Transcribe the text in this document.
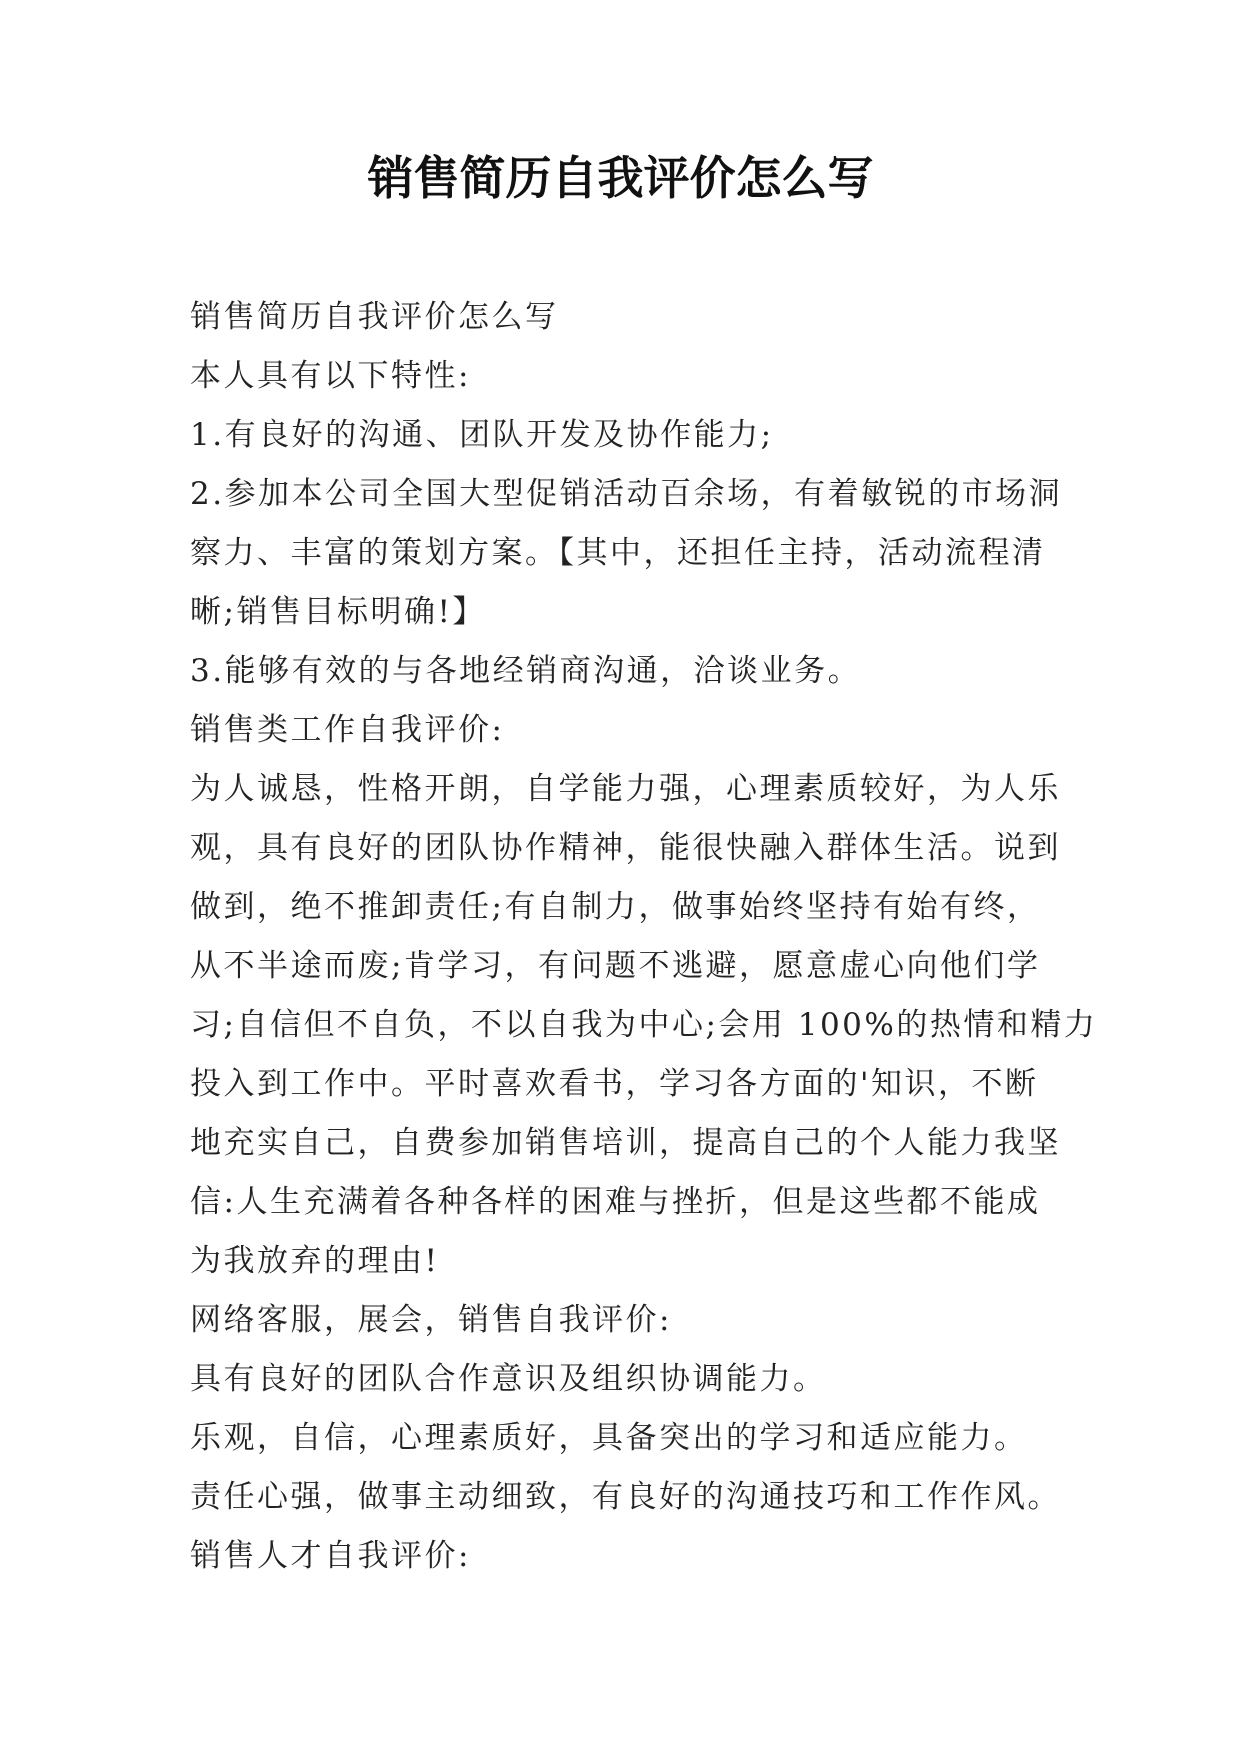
销售简历自我评价怎么写
销售简历自我评价怎么写
本人具有以下特性:
1.有良好的沟通、团队开发及协作能力;
2.参加本公司全国大型促销活动百余场，有着敏锐的市场洞
察力、丰富的策划方案。【其中，还担任主持，活动流程清
晰;销售目标明确!】
3.能够有效的与各地经销商沟通，洽谈业务。
销售类工作自我评价:
为人诚恳，性格开朗，自学能力强，心理素质较好，为人乐
观，具有良好的团队协作精神，能很快融入群体生活。说到
做到，绝不推卸责任;有自制力，做事始终坚持有始有终，
从不半途而废;肯学习，有问题不逃避，愿意虚心向他们学
习;自信但不自负，不以自我为中心;会用 100%的热情和精力
投入到工作中。平时喜欢看书，学习各方面的'知识，不断
地充实自己，自费参加销售培训，提高自己的个人能力我坚
信:人生充满着各种各样的困难与挫折，但是这些都不能成
为我放弃的理由!
网络客服，展会，销售自我评价:
具有良好的团队合作意识及组织协调能力。
乐观，自信，心理素质好，具备突出的学习和适应能力。
责任心强，做事主动细致，有良好的沟通技巧和工作作风。
销售人才自我评价:
